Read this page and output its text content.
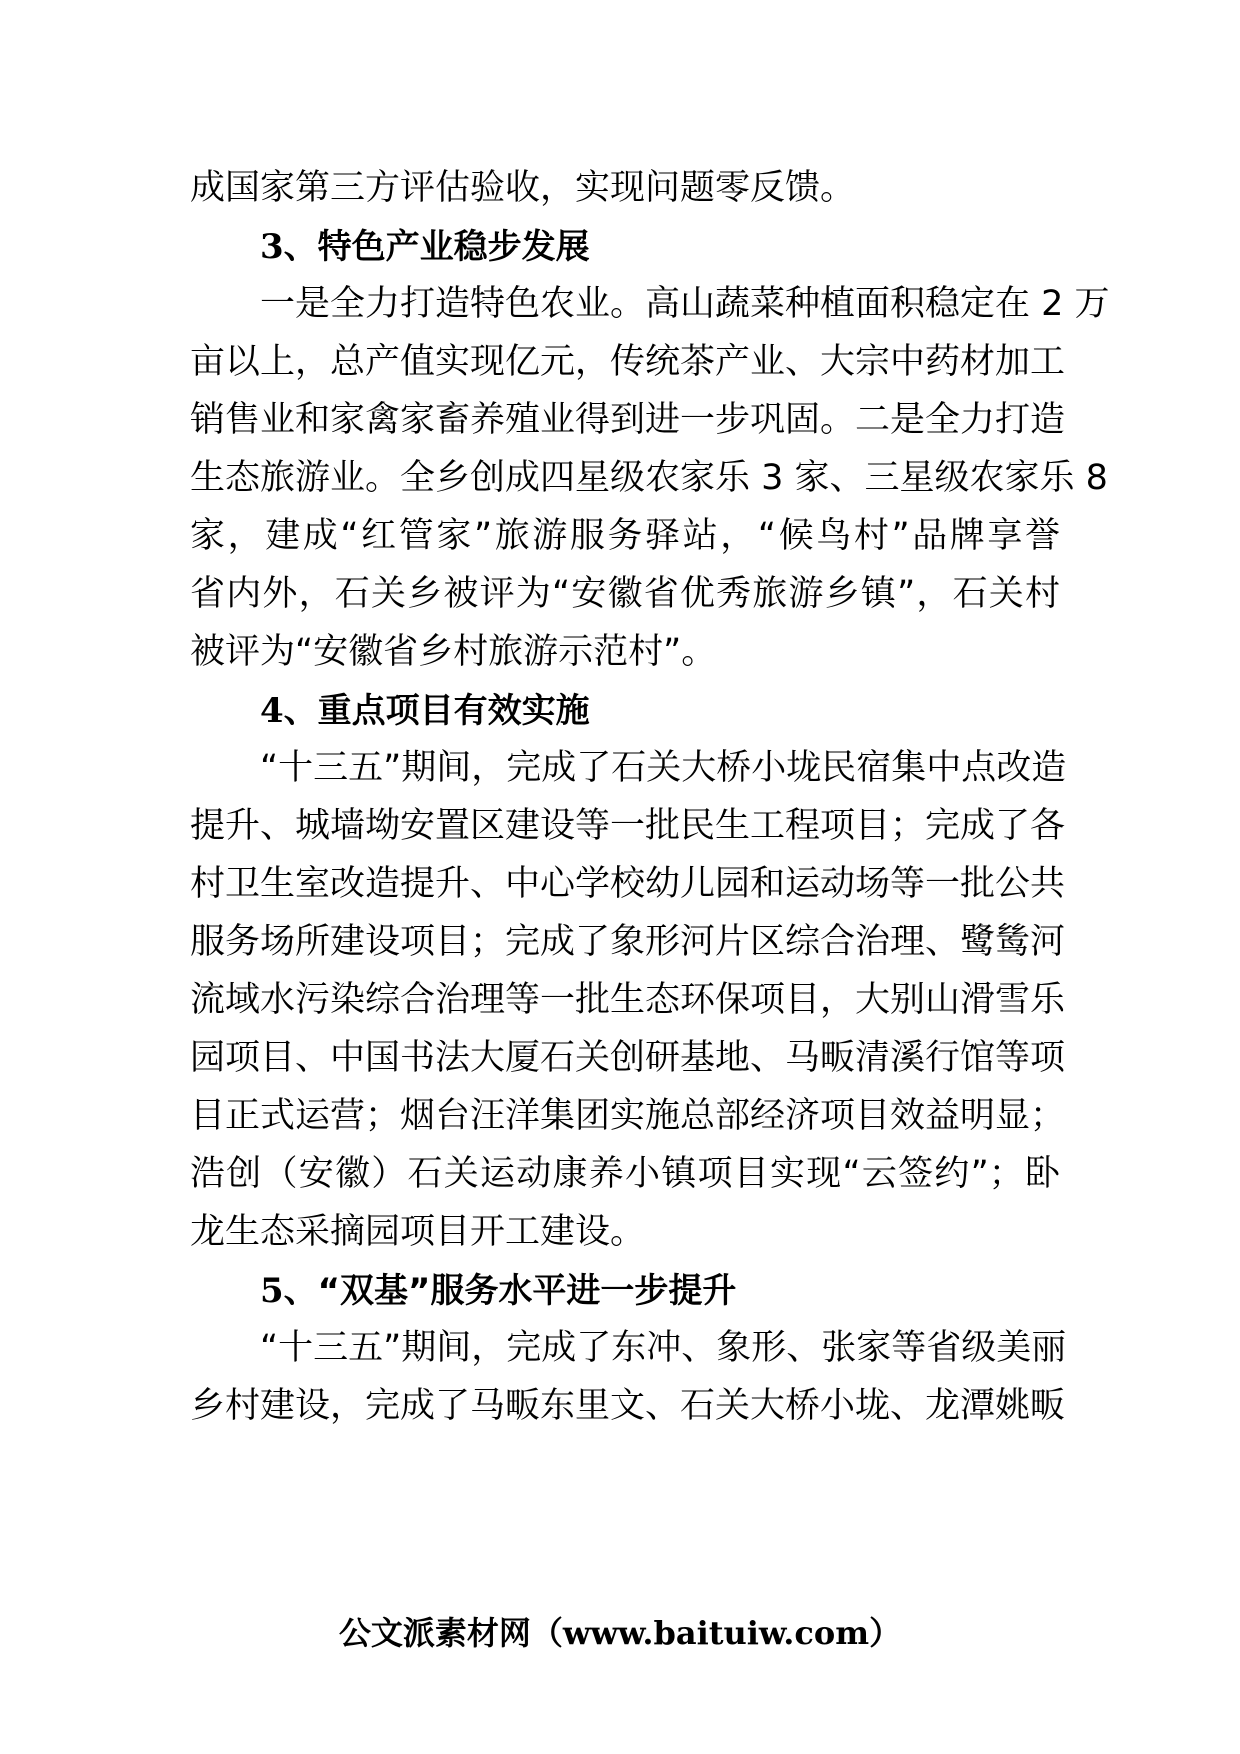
成国家第三方评估验收，实现问题零反馈。
3、特色产业稳步发展
一是全力打造特色农业。高山蔬菜种植面积稳定在 2 万
亩以上，总产值实现亿元，传统茶产业、大宗中药材加工
销售业和家禽家畜养殖业得到进一步巩固。二是全力打造
生态旅游业。全乡创成四星级农家乐 3 家、三星级农家乐 8
家，建成“红管家”旅游服务驿站，“候鸟村”品牌享誉
省内外，石关乡被评为“安徽省优秀旅游乡镇”，石关村
被评为“安徽省乡村旅游示范村”。
4、重点项目有效实施
“十三五”期间，完成了石关大桥小垅民宿集中点改造
提升、城墙坳安置区建设等一批民生工程项目；完成了各
村卫生室改造提升、中心学校幼儿园和运动场等一批公共
服务场所建设项目；完成了象形河片区综合治理、鹭鸶河
流域水污染综合治理等一批生态环保项目，大别山滑雪乐
园项目、中国书法大厦石关创研基地、马畈清溪行馆等项
目正式运营；烟台汪洋集团实施总部经济项目效益明显；
浩创（安徽）石关运动康养小镇项目实现“云签约”；卧
龙生态采摘园项目开工建设。
5、“双基”服务水平进一步提升
“十三五”期间，完成了东冲、象形、张家等省级美丽
乡村建设，完成了马畈东里文、石关大桥小垅、龙潭姚畈
公文派素材网（www.baituiw.com）
